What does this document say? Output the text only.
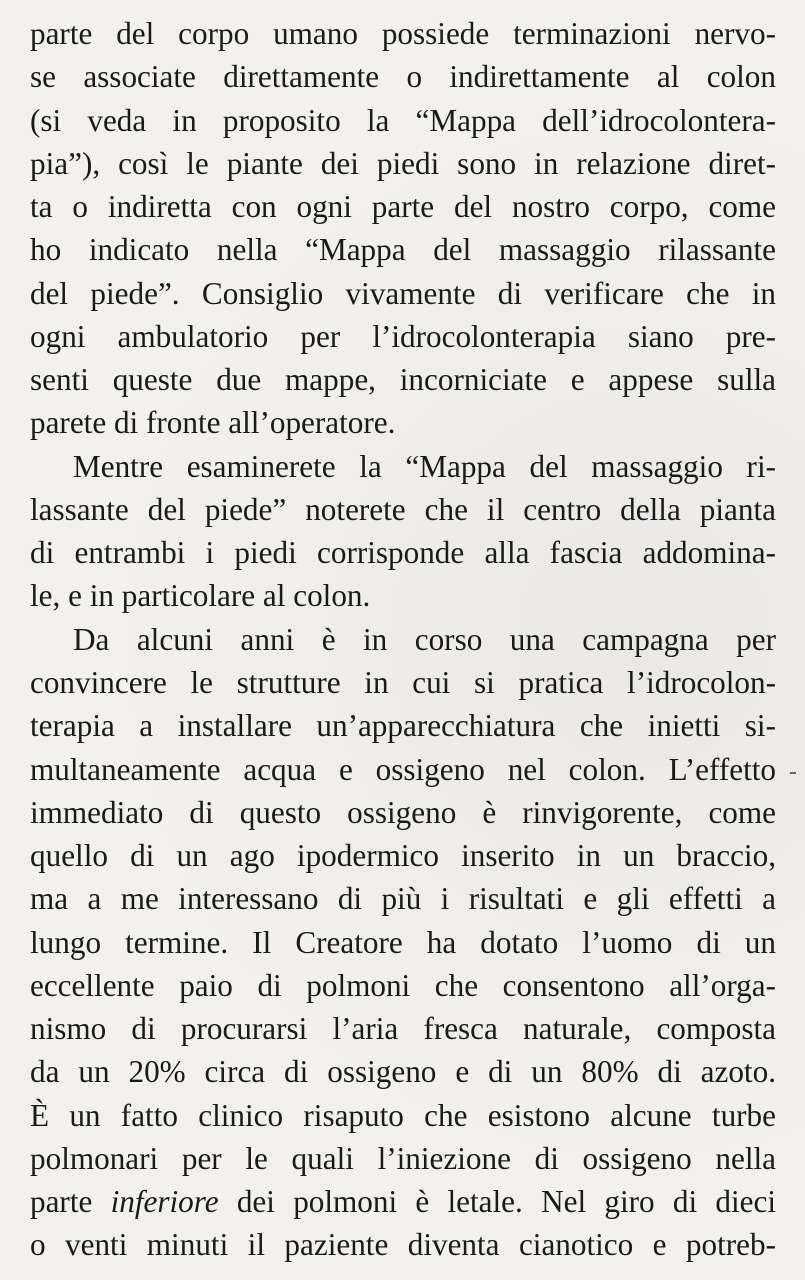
parte del corpo umano possiede terminazioni nervo-
se associate direttamente o indirettamente al colon
(si veda in proposito la “Mappa dell’idrocolontera-
pia”), così le piante dei piedi sono in relazione diret-
ta o indiretta con ogni parte del nostro corpo, come
ho indicato nella “Mappa del massaggio rilassante
del piede”. Consiglio vivamente di verificare che in
ogni ambulatorio per l’idrocolonterapia siano pre-
senti queste due mappe, incorniciate e appese sulla
parete di fronte all’operatore.
Mentre esaminerete la “Mappa del massaggio ri-
lassante del piede” noterete che il centro della pianta
di entrambi i piedi corrisponde alla fascia addomina-
le, e in particolare al colon.
Da alcuni anni è in corso una campagna per
convincere le strutture in cui si pratica l’idrocolon-
terapia a installare un’apparecchiatura che inietti si-
multaneamente acqua e ossigeno nel colon. L’effetto
immediato di questo ossigeno è rinvigorente, come
quello di un ago ipodermico inserito in un braccio,
ma a me interessano di più i risultati e gli effetti a
lungo termine. Il Creatore ha dotato l’uomo di un
eccellente paio di polmoni che consentono all’orga-
nismo di procurarsi l’aria fresca naturale, composta
da un 20% circa di ossigeno e di un 80% di azoto.
È un fatto clinico risaputo che esistono alcune turbe
polmonari per le quali l’iniezione di ossigeno nella
parte inferiore dei polmoni è letale. Nel giro di dieci
o venti minuti il paziente diventa cianotico e potreb-
